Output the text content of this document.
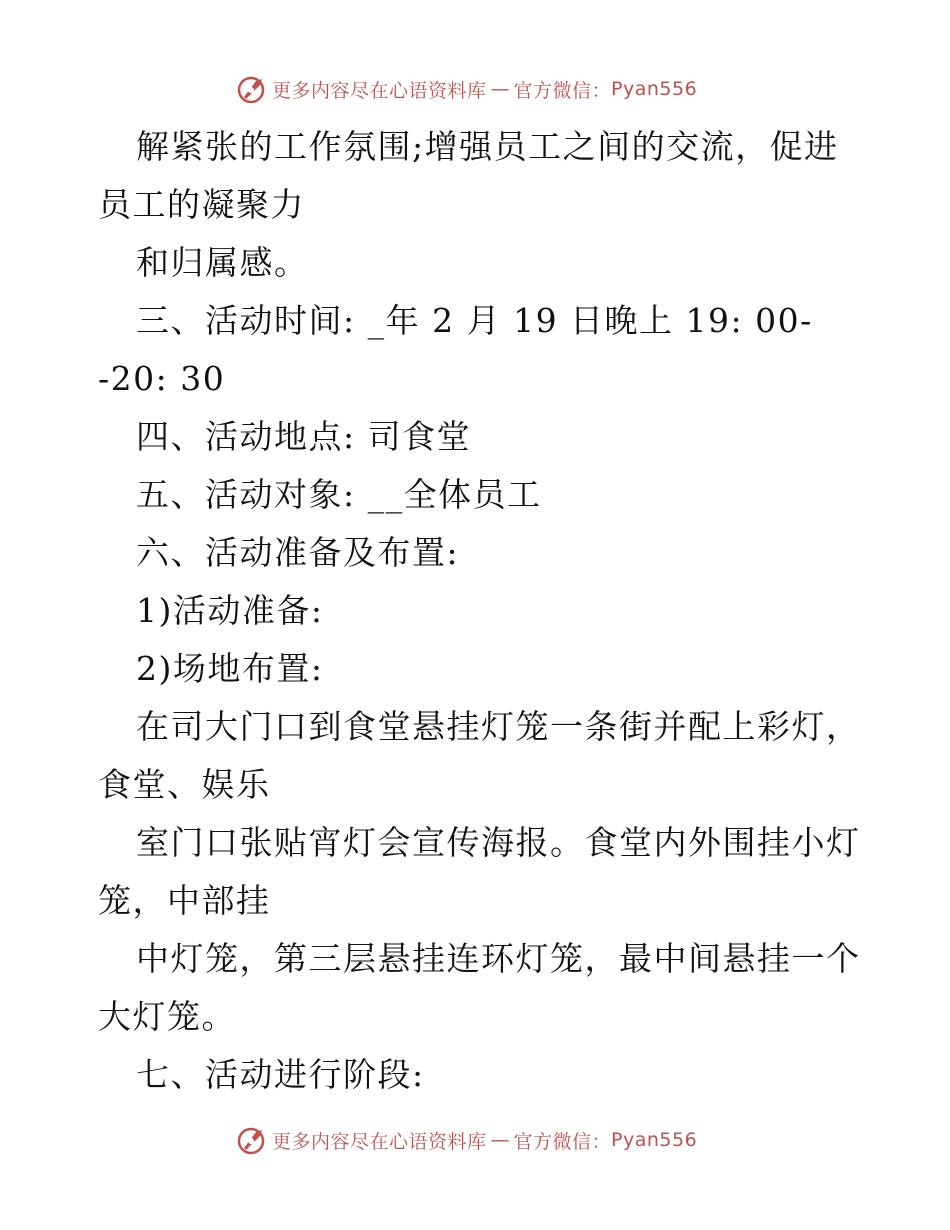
更多内容尽在心语资料库 — 官方微信： Pyan556
解紧张的工作氛围;增强员工之间的交流，促进
员工的凝聚力
和归属感。
三、活动时间: _年 2 月 19 日晚上 19: 00-
-20: 30
四、活动地点: 司食堂
五、活动对象: __全体员工
六、活动准备及布置:
1)活动准备:
2)场地布置:
在司大门口到食堂悬挂灯笼一条街并配上彩灯，
食堂、娱乐
室门口张贴宵灯会宣传海报。食堂内外围挂小灯
笼，中部挂
中灯笼，第三层悬挂连环灯笼，最中间悬挂一个
大灯笼。
七、活动进行阶段:
更多内容尽在心语资料库 — 官方微信： Pyan556
